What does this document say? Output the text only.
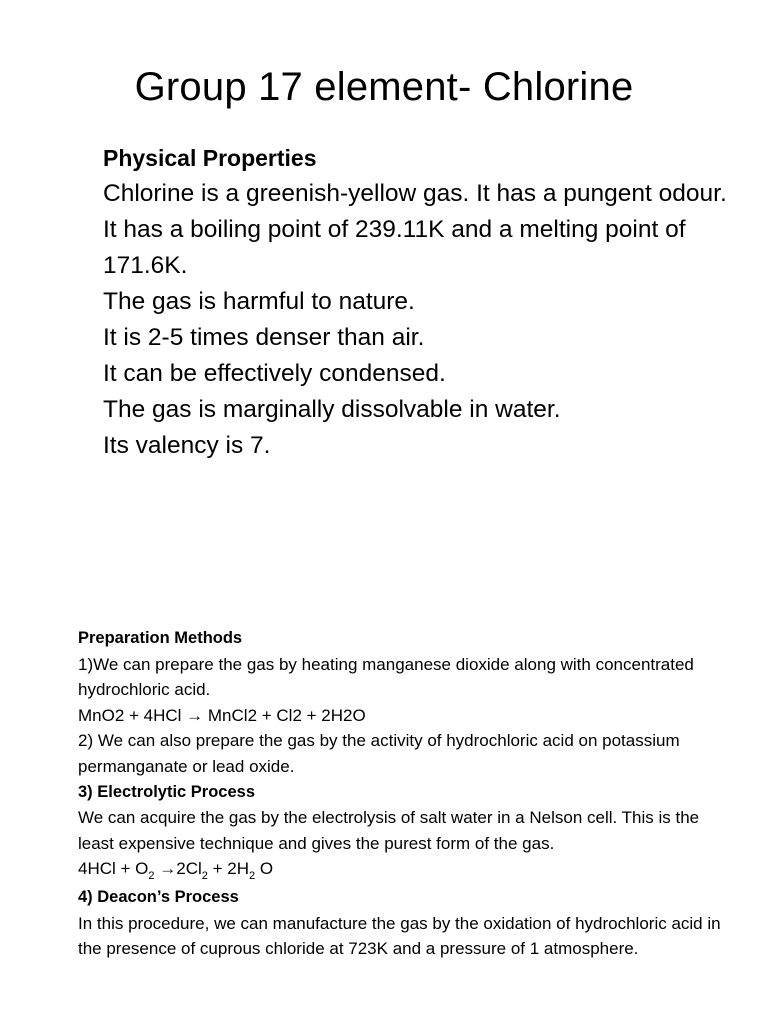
Group 17 element- Chlorine

Physical Properties

Chlorine is a greenish-yellow gas. It has a pungent odour.

It has a boiling point of 239.11K and a melting point of 171.6K.

The gas is harmful to nature.

It is 2-5 times denser than air.

It can be effectively condensed.

The gas is marginally dissolvable in water.

Its valency is 7.

Preparation Methods

1)We can prepare the gas by heating manganese dioxide along with concentrated hydrochloric acid.

MnO2 + 4HCl → MnCl2 + Cl2 + 2H2O

2) We can also prepare the gas by the activity of hydrochloric acid on potassium permanganate or lead oxide.

3) Electrolytic Process

We can acquire the gas by the electrolysis of salt water in a Nelson cell. This is the least expensive technique and gives the purest form of the gas.

$4HCl + O_2 \to 2Cl_2 + 2H_2$ O

4) Deacon’s Process

In this procedure, we can manufacture the gas by the oxidation of hydrochloric acid in the presence of cuprous chloride at 723K and a pressure of 1 atmosphere.
